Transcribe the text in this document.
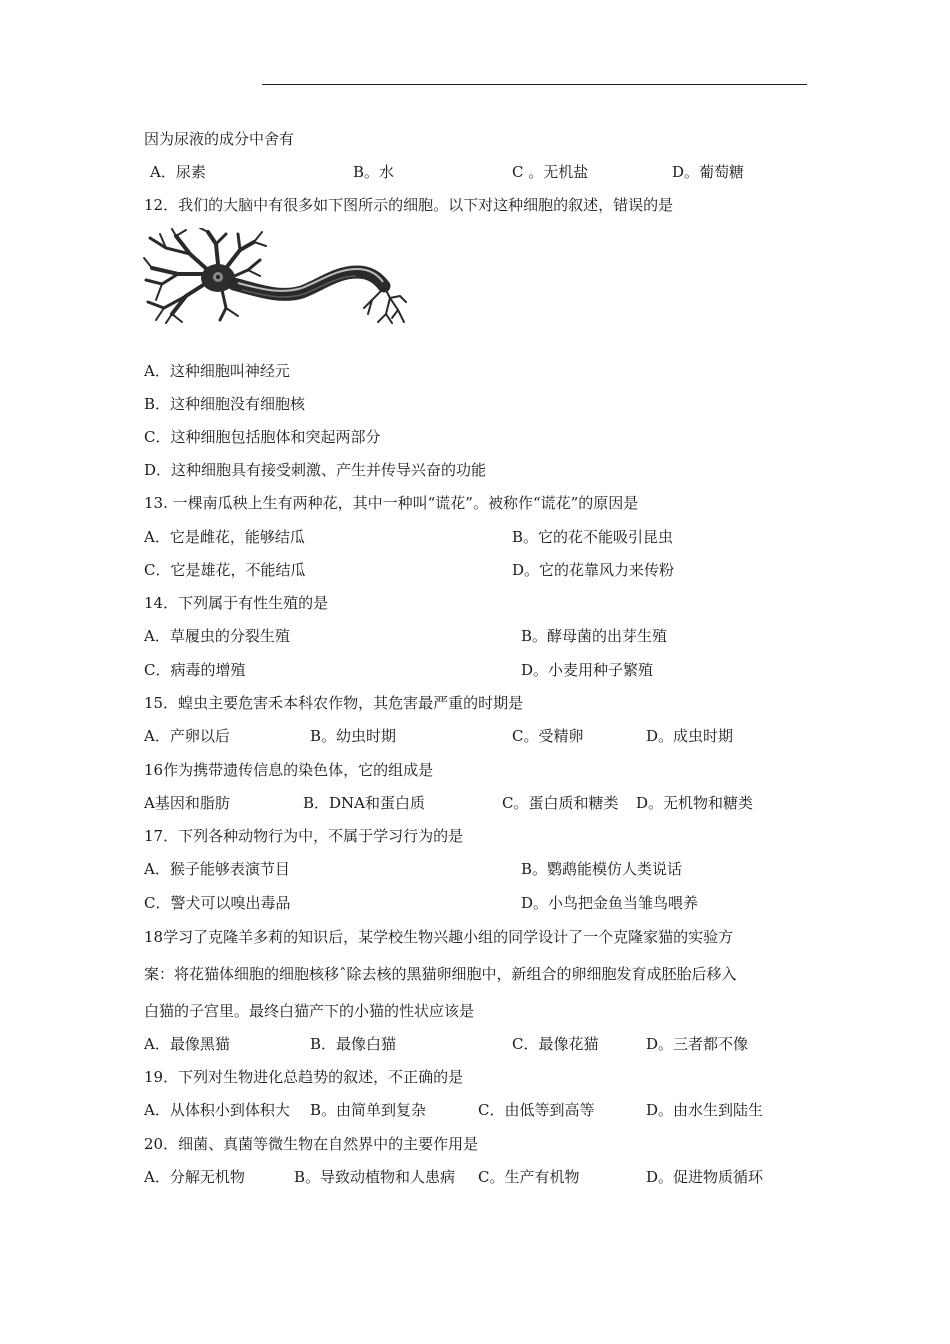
因为尿液的成分中舍有
A．尿素	B。水	C 。无机盐	D。葡萄糖
12．我们的大脑中有很多如下图所示的细胞。以下对这种细胞的叙述，错误的是
A．这种细胞叫神经元
B．这种细胞没有细胞核
C．这种细胞包括胞体和突起两部分
D．这种细胞具有接受刺激、产生并传导兴奋的功能
13. 一棵南瓜秧上生有两种花，其中一种叫“谎花”。被称作“谎花”的原因是
A．它是雌花，能够结瓜	B。它的花不能吸引昆虫
C．它是雄花，不能结瓜	D。它的花靠风力来传粉
14．下列属于有性生殖的是
A．草履虫的分裂生殖	B。酵母菌的出芽生殖
C．病毒的增殖	D。小麦用种子繁殖
15．蝗虫主要危害禾本科农作物，其危害最严重的时期是
A．产卵以后	B。幼虫时期	C。受精卵	D。成虫时期
16作为携带遗传信息的染色体，它的组成是
A基因和脂肪	B．DNA和蛋白质	C。蛋白质和糖类 D。无机物和糖类
17．下列各种动物行为中，不属于学习行为的是
A．猴子能够表演节目	B。鹦鹉能模仿人类说话
C．警犬可以嗅出毒品	D。小鸟把金鱼当雏鸟喂养
18学习了克隆羊多莉的知识后，某学校生物兴趣小组的同学设计了一个克隆家猫的实验方
案：将花猫体细胞的细胞核移ˆ除去核的黑猫卵细胞中，新组合的卵细胞发育成胚胎后移入
白猫的子宫里。最终白猫产下的小猫的性状应该是
A．最像黑猫	B．最像白猫	C．最像花猫	D。三者都不像
19．下列对生物进化总趋势的叙述，不正确的是
A．从体积小到体积大 B。由简单到复杂	C．由低等到高等	D。由水生到陆生
20．细菌、真菌等微生物在自然界中的主要作用是
A．分解无机物	B。导致动植物和人患病 C。生产有机物	D。促进物质循环
